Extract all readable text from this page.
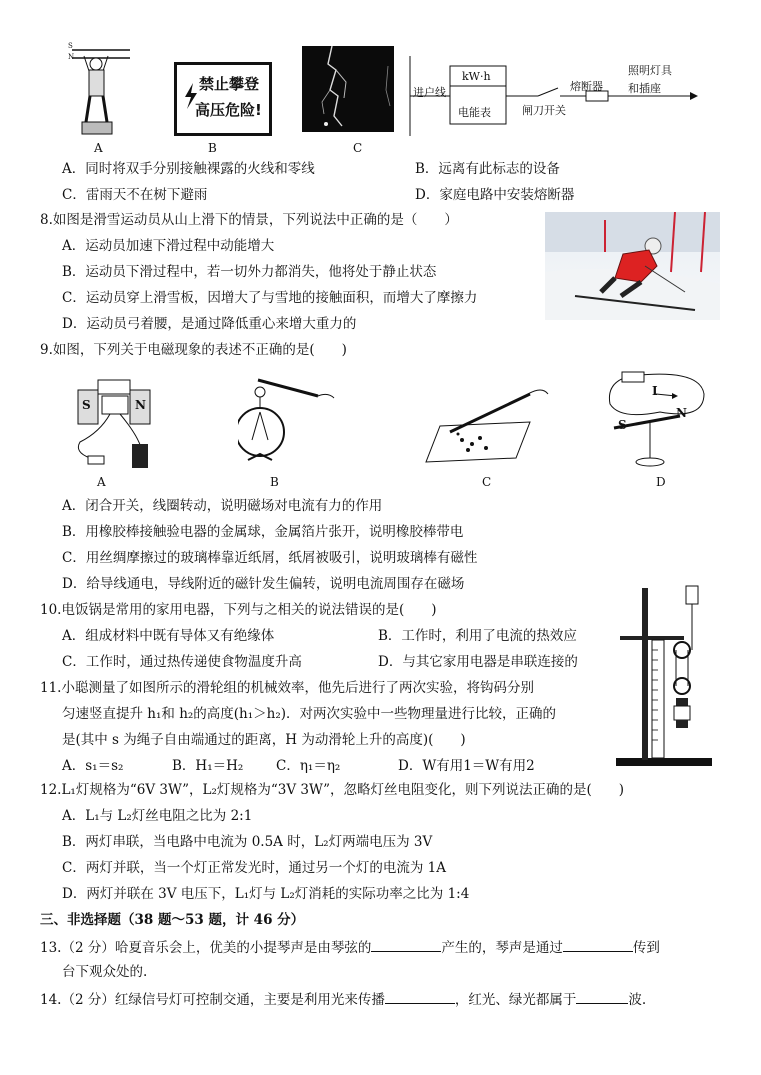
S
N
A
禁止攀登
高压危险!
B	C
进户线
kW·h
电能表	闸刀开关
熔断器
照明灯具
和插座
A．同时将双手分别接触裸露的火线和零线	B．远离有此标志的设备
C．雷雨天不在树下避雨	D．家庭电路中安装熔断器
8.如图是滑雪运动员从山上滑下的情景，下列说法中正确的是（　　）
A．运动员加速下滑过程中动能增大
B．运动员下滑过程中，若一切外力都消失，他将处于静止状态
C．运动员穿上滑雪板，因增大了与雪地的接触面积，而增大了摩擦力
D．运动员弓着腰，是通过降低重心来增大重力的
9.如图，下列关于电磁现象的表述不正确的是(　　)
S	N
A	B	C
I
S
N
D
A．闭合开关，线圈转动，说明磁场对电流有力的作用
B．用橡胶棒接触验电器的金属球，金属箔片张开，说明橡胶棒带电
C．用丝绸摩擦过的玻璃棒靠近纸屑，纸屑被吸引，说明玻璃棒有磁性
D．给导线通电，导线附近的磁针发生偏转，说明电流周围存在磁场
10.电饭锅是常用的家用电器，下列与之相关的说法错误的是(　　)
A．组成材料中既有导体又有绝缘体	B．工作时，利用了电流的热效应
C．工作时，通过热传递使食物温度升高	D．与其它家用电器是串联连接的
11.小聪测量了如图所示的滑轮组的机械效率，他先后进行了两次实验，将钩码分别
匀速竖直提升 h₁和 h₂的高度(h₁＞h₂)．对两次实验中一些物理量进行比较，正确的
是(其中 s 为绳子自由端通过的距离，H 为动滑轮上升的高度)(　　)
A．s₁＝s₂	B．H₁＝H₂ C．η₁＝η₂	D．W有用1＝W有用2
12.L₁灯规格为“6V 3W”，L₂灯规格为“3V 3W”，忽略灯丝电阻变化，则下列说法正确的是(　　)
A．L₁与 L₂灯丝电阻之比为 2:1
B．两灯串联，当电路中电流为 0.5A 时，L₂灯两端电压为 3V
C．两灯并联，当一个灯正常发光时，通过另一个灯的电流为 1A
D．两灯并联在 3V 电压下，L₁灯与 L₂灯消耗的实际功率之比为 1:4
三、非选择题（38 题～53 题，计 46 分）
13.（2 分）哈夏音乐会上，优美的小提琴声是由琴弦的	产生的，琴声是通过	传到
台下观众处的.
14.（2 分）红绿信号灯可控制交通，主要是利用光来传播	，红光、绿光都属于	波.
